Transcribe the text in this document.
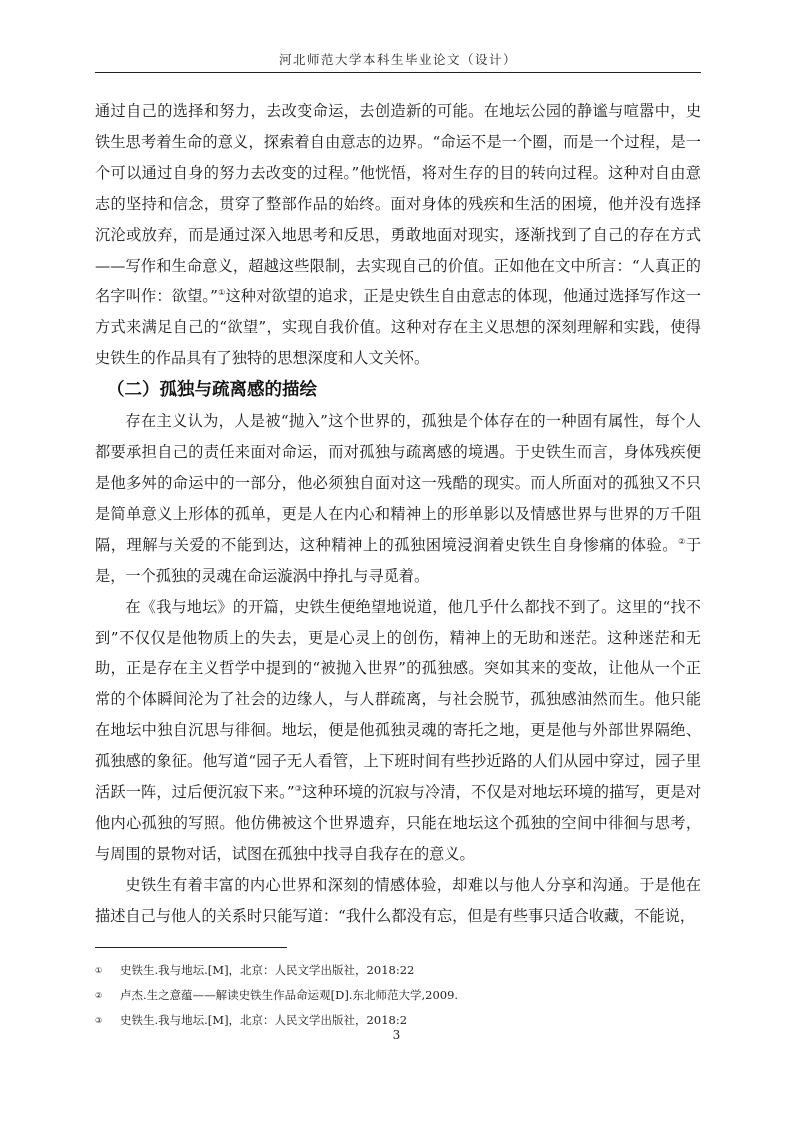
河北师范大学本科生毕业论文（设计）

通过自己的选择和努力，去改变命运，去创造新的可能。在地坛公园的静谧与喧嚣中，史铁生思考着生命的意义，探索着自由意志的边界。“命运不是一个圈，而是一个过程，是一个可以通过自身的努力去改变的过程。”他恍悟，将对生存的目的转向过程。这种对自由意志的坚持和信念，贯穿了整部作品的始终。面对身体的残疾和生活的困境，他并没有选择沉沦或放弃，而是通过深入地思考和反思，勇敢地面对现实，逐渐找到了自己的存在方式——写作和生命意义，超越这些限制，去实现自己的价值。正如他在文中所言：“人真正的名字叫作：欲望。”①这种对欲望的追求，正是史铁生自由意志的体现，他通过选择写作这一方式来满足自己的“欲望”，实现自我价值。这种对存在主义思想的深刻理解和实践，使得史铁生的作品具有了独特的思想深度和人文关怀。

（二）孤独与疏离感的描绘

存在主义认为，人是被“抛入”这个世界的，孤独是个体存在的一种固有属性，每个人都要承担自己的责任来面对命运，而对孤独与疏离感的境遇。于史铁生而言，身体残疾便是他多舛的命运中的一部分，他必须独自面对这一残酷的现实。而人所面对的孤独又不只是简单意义上形体的孤单，更是人在内心和精神上的形单影以及情感世界与世界的万千阻隔，理解与关爱的不能到达，这种精神上的孤独困境浸润着史铁生自身惨痛的体验。②于是，一个孤独的灵魂在命运漩涡中挣扎与寻觅着。

在《我与地坛》的开篇，史铁生便绝望地说道，他几乎什么都找不到了。这里的“找不到”不仅仅是他物质上的失去，更是心灵上的创伤，精神上的无助和迷茫。这种迷茫和无助，正是存在主义哲学中提到的“被抛入世界”的孤独感。突如其来的变故，让他从一个正常的个体瞬间沦为了社会的边缘人，与人群疏离，与社会脱节，孤独感油然而生。他只能在地坛中独自沉思与徘徊。地坛，便是他孤独灵魂的寄托之地，更是他与外部世界隔绝、孤独感的象征。他写道“园子无人看管，上下班时间有些抄近路的人们从园中穿过，园子里活跃一阵，过后便沉寂下来。”③这种环境的沉寂与冷清，不仅是对地坛环境的描写，更是对他内心孤独的写照。他仿佛被这个世界遗弃，只能在地坛这个孤独的空间中徘徊与思考，与周围的景物对话，试图在孤独中找寻自我存在的意义。

史铁生有着丰富的内心世界和深刻的情感体验，却难以与他人分享和沟通。于是他在描述自己与他人的关系时只能写道：“我什么都没有忘，但是有些事只适合收藏，不能说，

① 史铁生.我与地坛.[M]，北京：人民文学出版社，2018:22
② 卢杰.生之意蕴——解读史铁生作品命运观[D].东北师范大学,2009.
③ 史铁生.我与地坛.[M]，北京：人民文学出版社，2018:2
3
